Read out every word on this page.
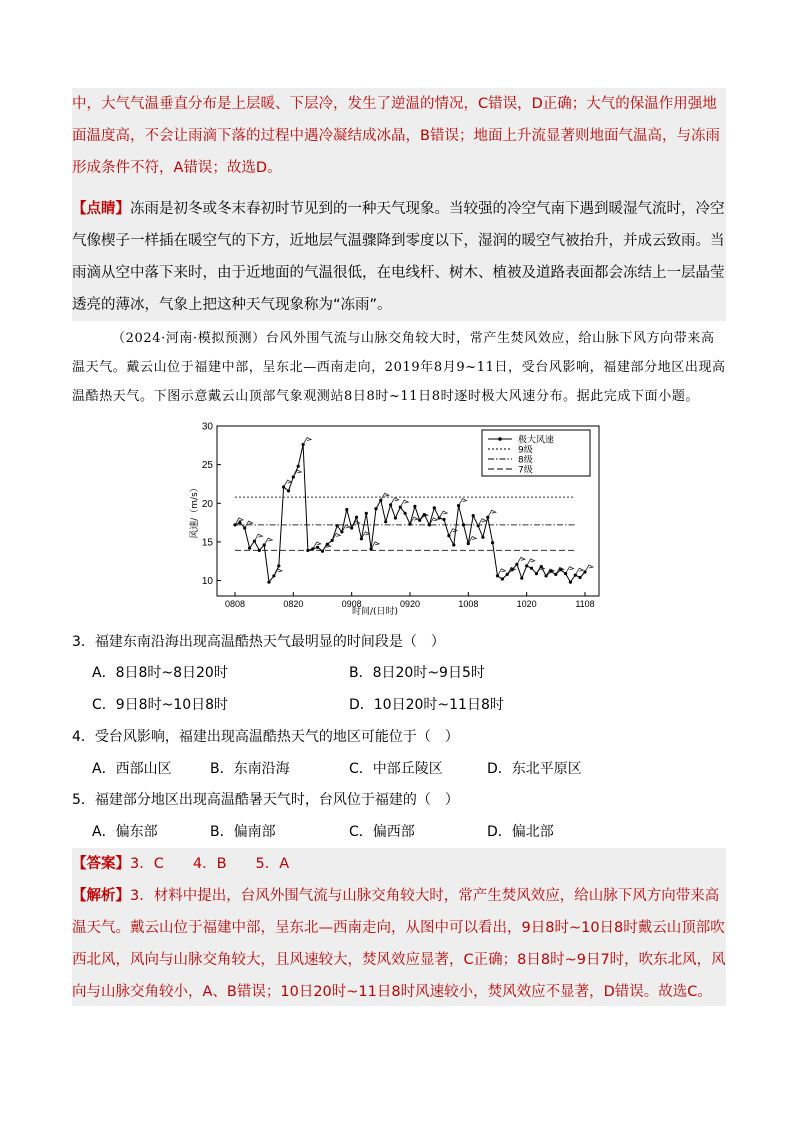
中，大气气温垂直分布是上层暖、下层冷，发生了逆温的情况，C错误，D正确；大气的保温作用强地面温度高，不会让雨滴下落的过程中遇冷凝结成冰晶，B错误；地面上升流显著则地面气温高，与冻雨形成条件不符，A错误；故选D。
【点睛】冻雨是初冬或冬末春初时节见到的一种天气现象。当较强的冷空气南下遇到暖湿气流时，冷空气像楔子一样插在暖空气的下方，近地层气温骤降到零度以下，湿润的暖空气被抬升，并成云致雨。当雨滴从空中落下来时，由于近地面的气温很低，在电线杆、树木、植被及道路表面都会冻结上一层晶莹透亮的薄冰，气象上把这种天气现象称为“冻雨”。
（2024·河南·模拟预测）台风外围气流与山脉交角较大时，常产生焚风效应，给山脉下风方向带来高温天气。戴云山位于福建中部，呈东北—西南走向，2019年8月9~11日，受台风影响，福建部分地区出现高温酷热天气。下图示意戴云山顶部气象观测站8日8时~11日8时逐时极大风速分布。据此完成下面小题。
10
15
20
25
30
0808	0820	0908	0920	1008	1020	1108
时间/(日时)
风速/（m/s）
极大风速
9级
8级
7级
3．福建东南沿海出现高温酷热天气最明显的时间段是（　）
A．8日8时~8日20时	B．8日20时~9日5时
C．9日8时~10日8时	D．10日20时~11日8时
4．受台风影响，福建出现高温酷热天气的地区可能位于（　）
A．西部山区	B．东南沿海	C．中部丘陵区	D．东北平原区
5．福建部分地区出现高温酷暑天气时，台风位于福建的（　）
A．偏东部	B．偏南部	C．偏西部	D．偏北部
【答案】3．C　　4．B　　5．A
【解析】3．材料中提出，台风外围气流与山脉交角较大时，常产生焚风效应，给山脉下风方向带来高温天气。戴云山位于福建中部，呈东北—西南走向，从图中可以看出，9日8时~10日8时戴云山顶部吹西北风，风向与山脉交角较大，且风速较大，焚风效应显著，C正确；8日8时~9日7时，吹东北风，风向与山脉交角较小，A、B错误；10日20时~11日8时风速较小，焚风效应不显著，D错误。故选C。
